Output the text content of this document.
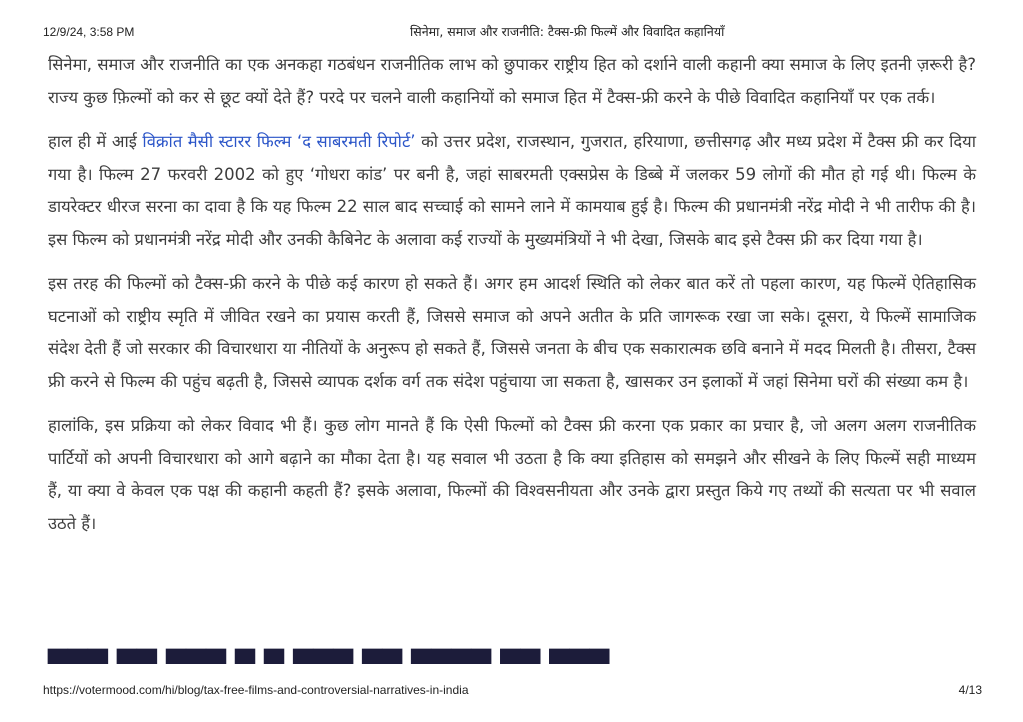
12/9/24, 3:58 PM	सिनेमा, समाज और राजनीति: टैक्स-फ्री फिल्में और विवादित कहानियाँ

सिनेमा, समाज और राजनीति का एक अनकहा गठबंधन राजनीतिक लाभ को छुपाकर राष्ट्रीय हित को दर्शाने वाली कहानी क्या समाज के लिए इतनी ज़रूरी है? राज्य कुछ फ़िल्मों को कर से छूट क्यों देते हैं? परदे पर चलने वाली कहानियों को समाज हित में टैक्स-फ्री करने के पीछे विवादित कहानियाँ पर एक तर्क।

हाल ही में आई विक्रांत मैसी स्टारर फिल्म ‘द साबरमती रिपोर्ट’ को उत्तर प्रदेश, राजस्थान, गुजरात, हरियाणा, छत्तीसगढ़ और मध्य प्रदेश में टैक्स फ्री कर दिया गया है। फिल्म 27 फरवरी 2002 को हुए ‘गोधरा कांड’ पर बनी है, जहां साबरमती एक्सप्रेस के डिब्बे में जलकर 59 लोगों की मौत हो गई थी। फिल्म के डायरेक्टर धीरज सरना का दावा है कि यह फिल्म 22 साल बाद सच्चाई को सामने लाने में कामयाब हुई है। फिल्म की प्रधानमंत्री नरेंद्र मोदी ने भी तारीफ की है। इस फिल्म को प्रधानमंत्री नरेंद्र मोदी और उनकी कैबिनेट के अलावा कई राज्यों के मुख्यमंत्रियों ने भी देखा, जिसके बाद इसे टैक्स फ्री कर दिया गया है।

इस तरह की फिल्मों को टैक्स-फ्री करने के पीछे कई कारण हो सकते हैं। अगर हम आदर्श स्थिति को लेकर बात करें तो पहला कारण, यह फिल्में ऐतिहासिक घटनाओं को राष्ट्रीय स्मृति में जीवित रखने का प्रयास करती हैं, जिससे समाज को अपने अतीत के प्रति जागरूक रखा जा सके। दूसरा, ये फिल्में सामाजिक संदेश देती हैं जो सरकार की विचारधारा या नीतियों के अनुरूप हो सकते हैं, जिससे जनता के बीच एक सकारात्मक छवि बनाने में मदद मिलती है। तीसरा, टैक्स फ्री करने से फिल्म की पहुंच बढ़ती है, जिससे व्यापक दर्शक वर्ग तक संदेश पहुंचाया जा सकता है, खासकर उन इलाकों में जहां सिनेमा घरों की संख्या कम है।

हालांकि, इस प्रक्रिया को लेकर विवाद भी हैं। कुछ लोग मानते हैं कि ऐसी फिल्मों को टैक्स फ्री करना एक प्रकार का प्रचार है, जो अलग अलग राजनीतिक पार्टियों को अपनी विचारधारा को आगे बढ़ाने का मौका देता है। यह सवाल भी उठता है कि क्या इतिहास को समझने और सीखने के लिए फिल्में सही माध्यम हैं, या क्या वे केवल एक पक्ष की कहानी कहती हैं? इसके अलावा, फिल्मों की विश्वसनीयता और उनके द्वारा प्रस्तुत किये गए तथ्यों की सत्यता पर भी सवाल उठते हैं।

▀▀▀ ▀▀ ▀▀▀ ▀ ▀ ▀▀▀ ▀▀ ▀▀▀▀ ▀▀ ▀▀▀
https://votermood.com/hi/blog/tax-free-films-and-controversial-narratives-in-india	4/13
